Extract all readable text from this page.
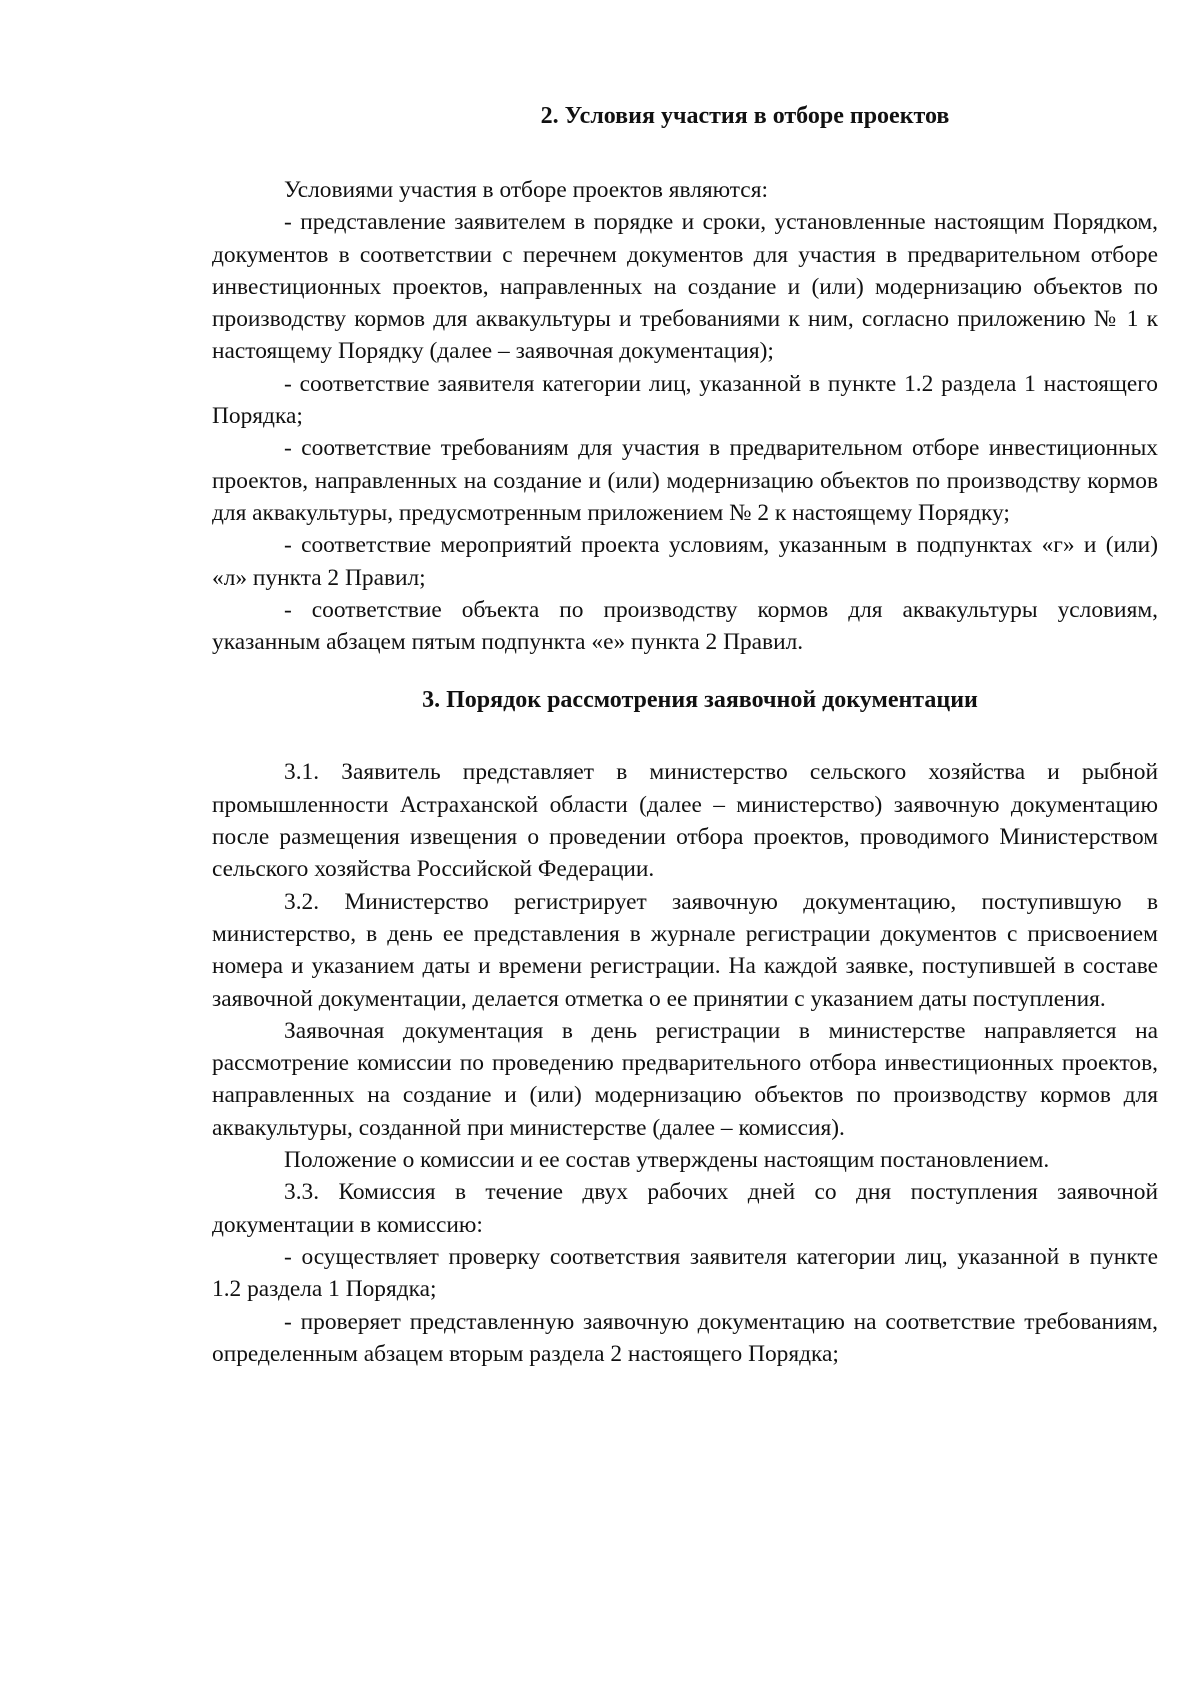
2. Условия участия в отборе проектов

Условиями участия в отборе проектов являются:

- представление заявителем в порядке и сроки, установленные настоящим Порядком, документов в соответствии с перечнем документов для участия в предварительном отборе инвестиционных проектов, направленных на создание и (или) модернизацию объектов по производству кормов для аквакультуры и требованиями к ним, согласно приложению № 1 к настоящему Порядку (далее – заявочная документация);

- соответствие заявителя категории лиц, указанной в пункте 1.2 раздела 1 настоящего Порядка;

- соответствие требованиям для участия в предварительном отборе инвестиционных проектов, направленных на создание и (или) модернизацию объектов по производству кормов для аквакультуры, предусмотренным приложением № 2 к настоящему Порядку;

- соответствие мероприятий проекта условиям, указанным в подпунктах «г» и (или) «л» пункта 2 Правил;

- соответствие объекта по производству кормов для аквакультуры условиям, указанным абзацем пятым подпункта «е» пункта 2 Правил.

3. Порядок рассмотрения заявочной документации

3.1. Заявитель представляет в министерство сельского хозяйства и рыбной промышленности Астраханской области (далее – министерство) заявочную документацию после размещения извещения о проведении отбора проектов, проводимого Министерством сельского хозяйства Российской Федерации.

3.2. Министерство регистрирует заявочную документацию, поступившую в министерство, в день ее представления в журнале регистрации документов с присвоением номера и указанием даты и времени регистрации. На каждой заявке, поступившей в составе заявочной документации, делается отметка о ее принятии с указанием даты поступления.

Заявочная документация в день регистрации в министерстве направляется на рассмотрение комиссии по проведению предварительного отбора инвестиционных проектов, направленных на создание и (или) модернизацию объектов по производству кормов для аквакультуры, созданной при министерстве (далее – комиссия).

Положение о комиссии и ее состав утверждены настоящим постановлением.

3.3. Комиссия в течение двух рабочих дней со дня поступления заявочной документации в комиссию:

- осуществляет проверку соответствия заявителя категории лиц, указанной в пункте 1.2 раздела 1 Порядка;

- проверяет представленную заявочную документацию на соответствие требованиям, определенным абзацем вторым раздела 2 настоящего Порядка;
